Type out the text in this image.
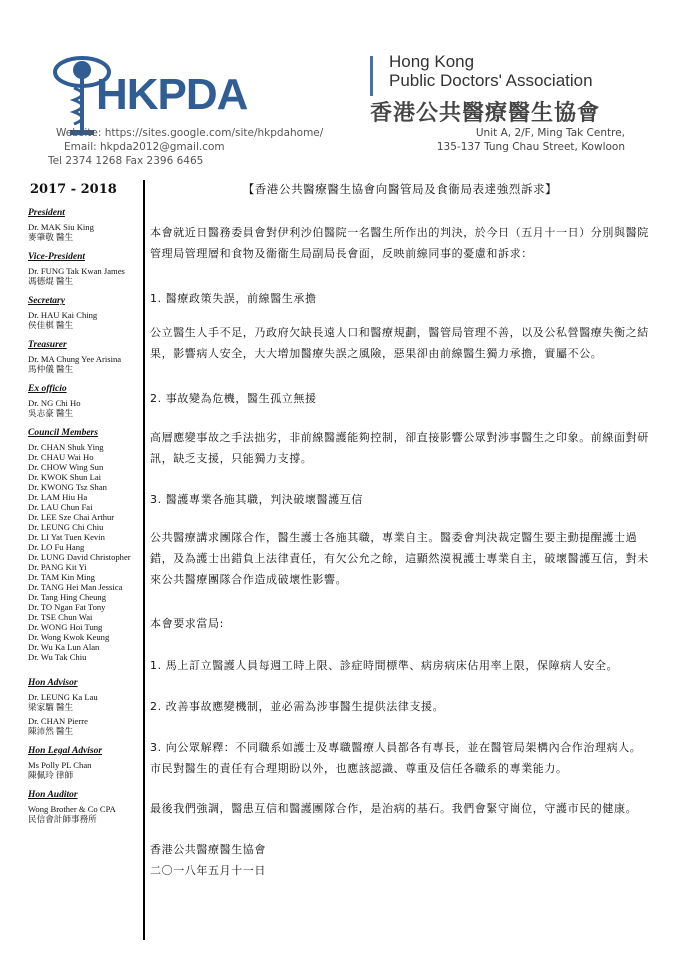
HKPDA
Hong Kong
Public Doctors' Association
香港公共醫療醫生協會
Website: https://sites.google.com/site/hkpdahome/
Email: hkpda2012@gmail.com
Tel 2374 1268 Fax 2396 6465
Unit A, 2/F, Ming Tak Centre,
135-137 Tung Chau Street, Kowloon
2017 - 2018

President

Dr. MAK Siu King

麥肇敬 醫生

Vice-President

Dr. FUNG Tak Kwan James

馮德焜 醫生

Secretary

Dr. HAU Kai Ching

侯佳棋 醫生

Treasurer

Dr. MA Chung Yee Arisina

馬仲儀 醫生

Ex officio

Dr. NG Chi Ho

吳志豪 醫生

Council Members

Dr. CHAN Shuk Ying

Dr. CHAU Wai Ho

Dr. CHOW Wing Sun

Dr. KWOK Shun Lai

Dr. KWONG Tsz Shan

Dr. LAM Hiu Ha

Dr. LAU Chun Fai

Dr. LEE Sze Chai Arthur

Dr. LEUNG Chi Chiu

Dr. LI Yat Tuen Kevin

Dr. LO Fu Hang

Dr. LUNG David Christopher

Dr. PANG Kit Yi

Dr. TAM Kin Ming

Dr. TANG Hei Man Jessica

Dr. Tang Hing Cheung

Dr. TO Ngan Fat Tony

Dr. TSE Chun Wai

Dr. WONG Hoi Tung

Dr. Wong Kwok Keung

Dr. Wu Ka Lun Alan

Dr. Wu Tak Chiu

Hon Advisor

Dr. LEUNG Ka Lau

梁家騮 醫生

Dr. CHAN Pierre

陳沛然 醫生

Hon Legal Advisor

Ms Polly PL Chan

陳佩玲 律師

Hon Auditor

Wong Brother & Co CPA

民信會計師事務所

【香港公共醫療醫生協會向醫管局及食衞局表達強烈訴求】
本會就近日醫務委員會對伊利沙伯醫院一名醫生所作出的判決，於今日（五月十一日）分別與醫院管理局管理層和食物及衞衞生局副局長會面，反映前線同事的憂慮和訴求：
1. 醫療政策失誤，前線醫生承擔
公立醫生人手不足，乃政府欠缺長遠人口和醫療規劃，醫管局管理不善，以及公私營醫療失衡之結果，影響病人安全，大大增加醫療失誤之風險，惡果卻由前線醫生獨力承擔，實屬不公。
2. 事故變為危機，醫生孤立無援
高層應變事故之手法拙劣，非前線醫護能夠控制，卻直接影響公眾對涉事醫生之印象。前線面對研訊，缺乏支援，只能獨力支撐。
3. 醫護專業各施其職，判決破壞醫護互信
公共醫療講求團隊合作，醫生護士各施其職，專業自主。醫委會判決裁定醫生要主動提醒護士過錯，及為護士出錯負上法律責任，有欠公允之餘，這顯然漠視護士專業自主，破壞醫護互信，對未來公共醫療團隊合作造成破壞性影響。
本會要求當局:
1. 馬上訂立醫護人員每週工時上限、診症時間標準、病房病床佔用率上限，保障病人安全。
2. 改善事故應變機制，並必需為涉事醫生提供法律支援。
3. 向公眾解釋：不同職系如護士及專職醫療人員都各有專長，並在醫管局架構內合作治理病人。市民對醫生的責任有合理期盼以外，也應該認識、尊重及信任各職系的專業能力。
最後我們強調，醫患互信和醫護團隊合作，是治病的基石。我們會緊守崗位，守護市民的健康。
香港公共醫療醫生協會
二〇一八年五月十一日
